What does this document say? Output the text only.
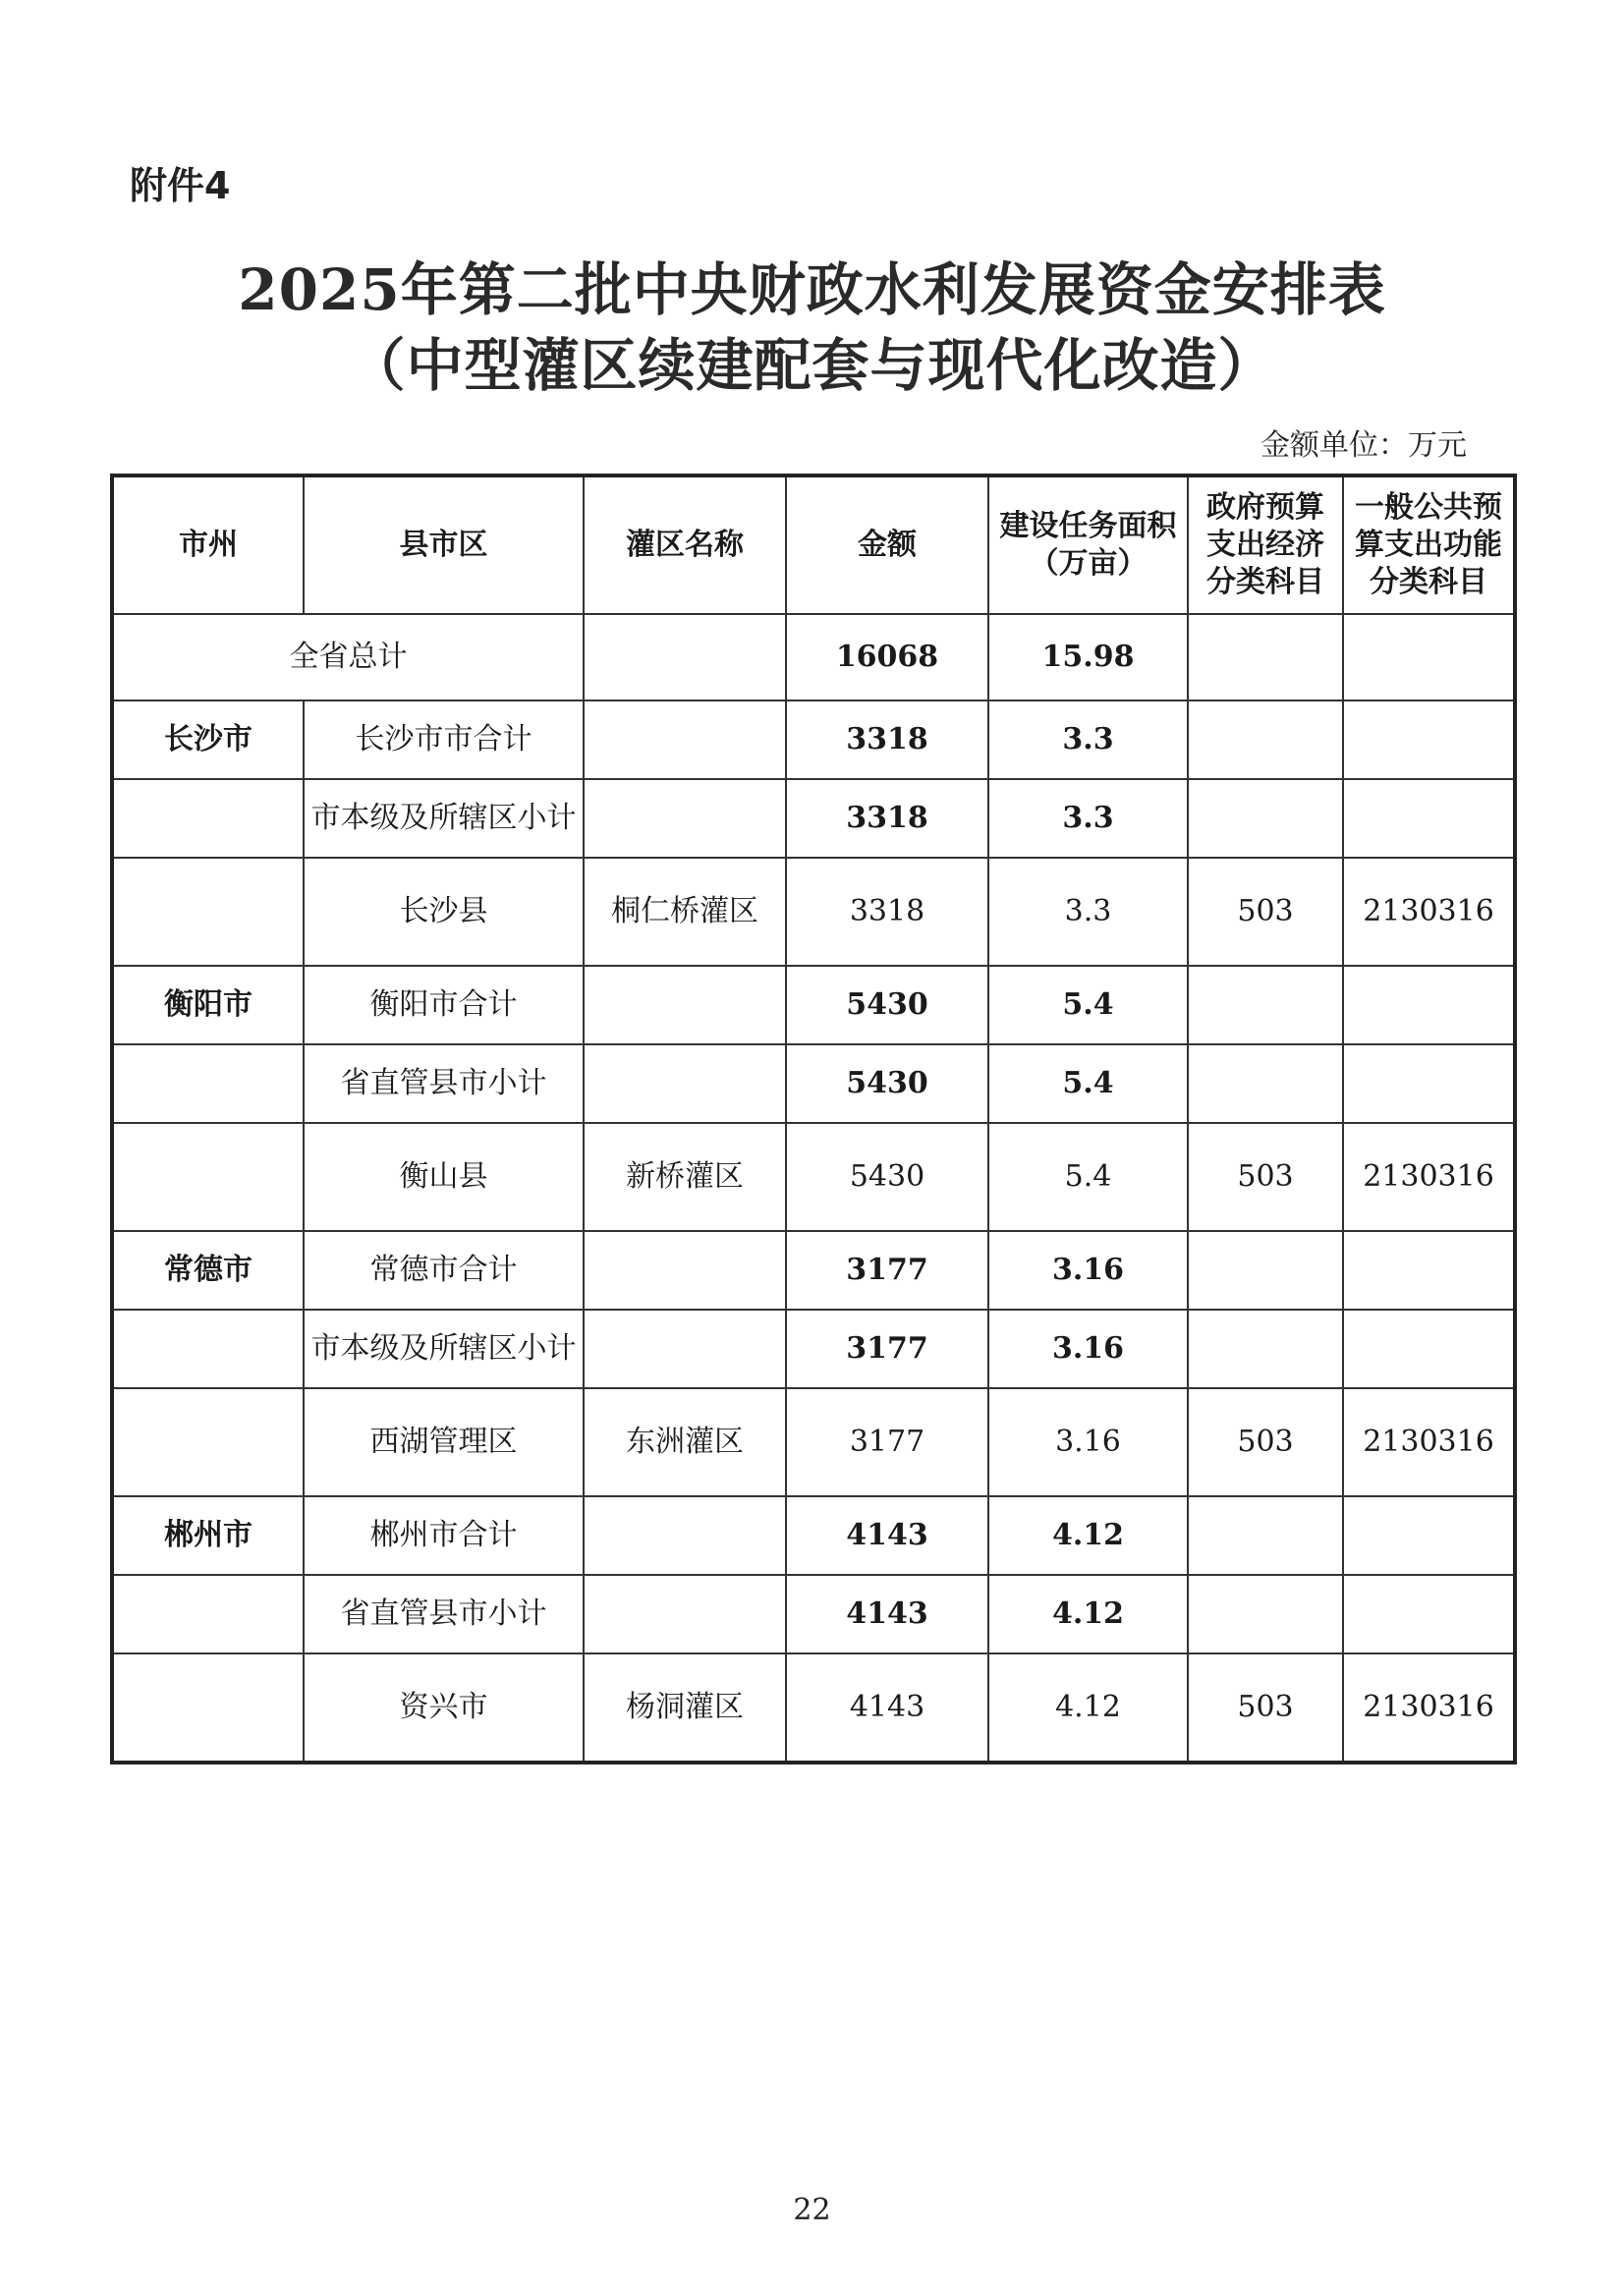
附件4
2025年第二批中央财政水利发展资金安排表
（中型灌区续建配套与现代化改造）
金额单位：万元
市州	县市区	灌区名称	金额	建设任务面积（万亩）	政府预算支出经济分类科目	一般公共预算支出功能分类科目
全省总计			16068	15.98		
长沙市	长沙市市合计		3318	3.3		
	市本级及所辖区小计		3318	3.3		
	长沙县	桐仁桥灌区	3318	3.3	503	2130316
衡阳市	衡阳市合计		5430	5.4		
	省直管县市小计		5430	5.4		
	衡山县	新桥灌区	5430	5.4	503	2130316
常德市	常德市合计		3177	3.16		
	市本级及所辖区小计		3177	3.16		
	西湖管理区	东洲灌区	3177	3.16	503	2130316
郴州市	郴州市合计		4143	4.12		
	省直管县市小计		4143	4.12		
	资兴市	杨洞灌区	4143	4.12	503	2130316
22
